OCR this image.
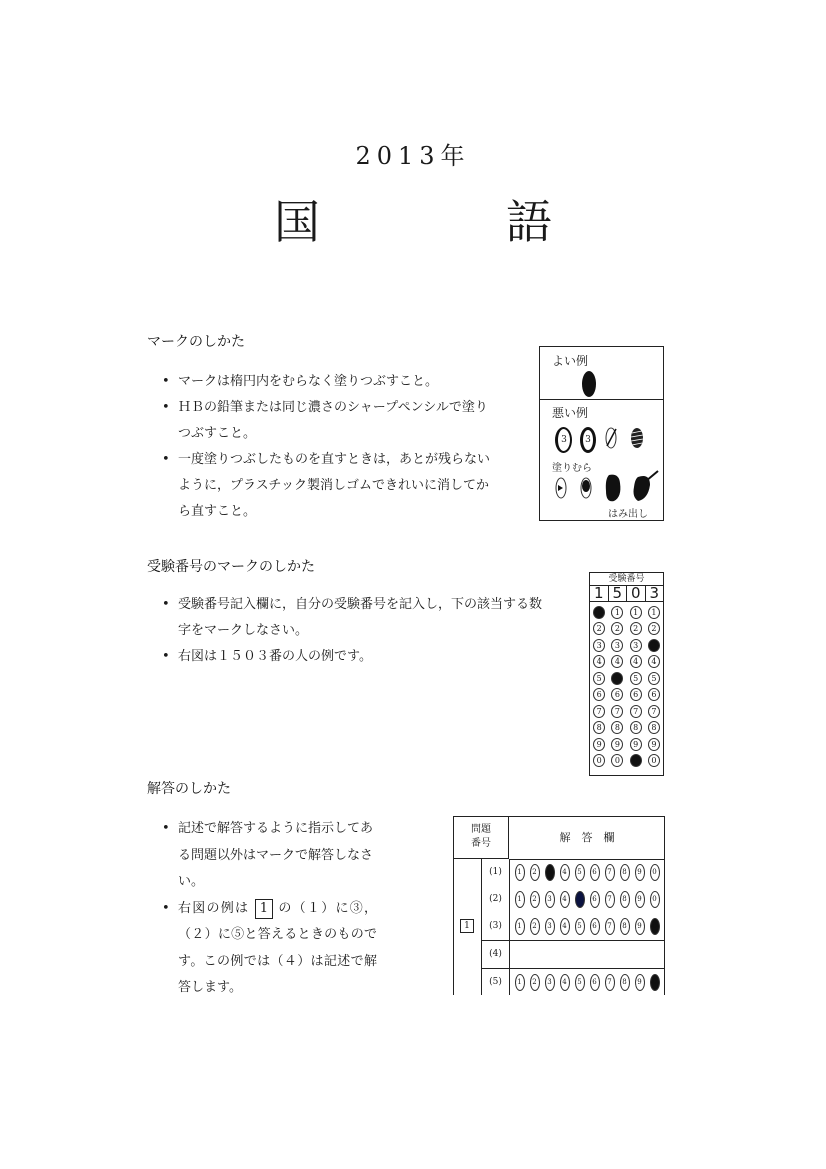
2013年
国　語
マークのしかた
• マークは楕円内をむらなく塗りつぶすこと。
• ＨＢの鉛筆または同じ濃さのシャープペンシルで塗りつぶすこと。
• 一度塗りつぶしたものを直すときは，あとが残らないように，プラスチック製消しゴムできれいに消してから直すこと。
よい例
悪い例
3	3
塗りむら
はみ出し
受験番号のマークのしかた
• 受験番号記入欄に，自分の受験番号を記入し，下の該当する数字をマークしなさい。
• 右図は１５０３番の人の例です。
受験番号
1 5 0 3
1	1	1	1
2	2	2	2
3	3	3	3
4	4	4	4
5	5	5	5
6	6	6	6
7	7	7	7
8	8	8	8
9	9	9	9
0	0	0	0
解答のしかた
• 記述で解答するように指示してある問題以外はマークで解答しなさい。
• 右図の例は 1 の（１）に③，（２）に⑤と答えるときのものです。この例では（４）は記述で解答します。
問題番号	解　答　欄
1
(1)	1	2	3	4	5	6	7	8	9	0
(2)	1	2	3	4	5	6	7	8	9	0
(3)	1	2	3	4	5	6	7	8	9	0
(4)
(5)	1	2	3	4	5	6	7	8	9	0
